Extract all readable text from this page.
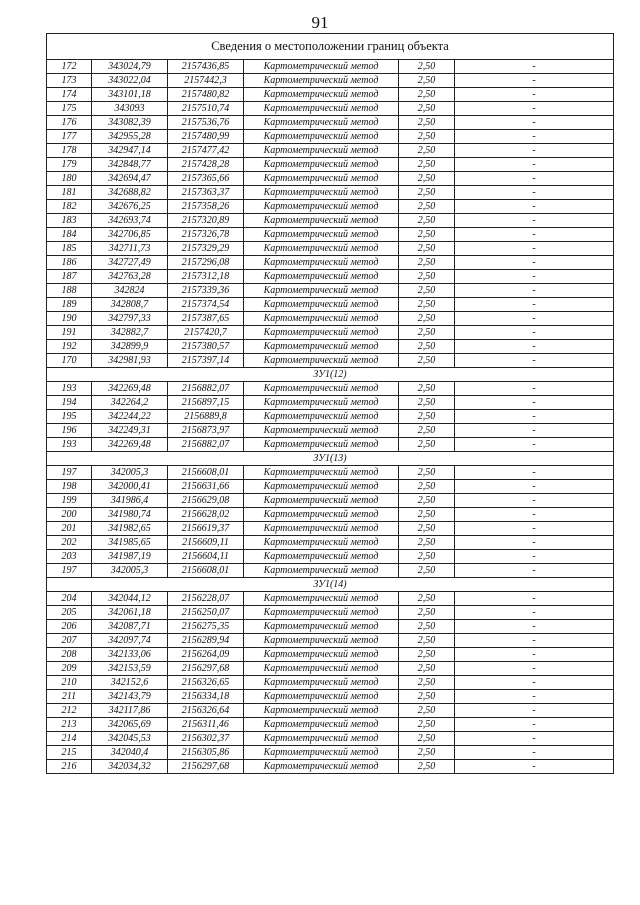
91
Сведения о местоположении границ объекта					
172	343024,79	2157436,85	Картометрический метод	2,50	-
173	343022,04	2157442,3	Картометрический метод	2,50	-
174	343101,18	2157480,82	Картометрический метод	2,50	-
175	343093	2157510,74	Картометрический метод	2,50	-
176	343082,39	2157536,76	Картометрический метод	2,50	-
177	342955,28	2157480,99	Картометрический метод	2,50	-
178	342947,14	2157477,42	Картометрический метод	2,50	-
179	342848,77	2157428,28	Картометрический метод	2,50	-
180	342694,47	2157365,66	Картометрический метод	2,50	-
181	342688,82	2157363,37	Картометрический метод	2,50	-
182	342676,25	2157358,26	Картометрический метод	2,50	-
183	342693,74	2157320,89	Картометрический метод	2,50	-
184	342706,85	2157326,78	Картометрический метод	2,50	-
185	342711,73	2157329,29	Картометрический метод	2,50	-
186	342727,49	2157296,08	Картометрический метод	2,50	-
187	342763,28	2157312,18	Картометрический метод	2,50	-
188	342824	2157339,36	Картометрический метод	2,50	-
189	342808,7	2157374,54	Картометрический метод	2,50	-
190	342797,33	2157387,65	Картометрический метод	2,50	-
191	342882,7	2157420,7	Картометрический метод	2,50	-
192	342899,9	2157380,57	Картометрический метод	2,50	-
170	342981,93	2157397,14	Картометрический метод	2,50	-
ЗУ1(12)					
193	342269,48	2156882,07	Картометрический метод	2,50	-
194	342264,2	2156897,15	Картометрический метод	2,50	-
195	342244,22	2156889,8	Картометрический метод	2,50	-
196	342249,31	2156873,97	Картометрический метод	2,50	-
193	342269,48	2156882,07	Картометрический метод	2,50	-
ЗУ1(13)					
197	342005,3	2156608,01	Картометрический метод	2,50	-
198	342000,41	2156631,66	Картометрический метод	2,50	-
199	341986,4	2156629,08	Картометрический метод	2,50	-
200	341980,74	2156628,02	Картометрический метод	2,50	-
201	341982,65	2156619,37	Картометрический метод	2,50	-
202	341985,65	2156609,11	Картометрический метод	2,50	-
203	341987,19	2156604,11	Картометрический метод	2,50	-
197	342005,3	2156608,01	Картометрический метод	2,50	-
ЗУ1(14)					
204	342044,12	2156228,07	Картометрический метод	2,50	-
205	342061,18	2156250,07	Картометрический метод	2,50	-
206	342087,71	2156275,35	Картометрический метод	2,50	-
207	342097,74	2156289,94	Картометрический метод	2,50	-
208	342133,06	2156264,09	Картометрический метод	2,50	-
209	342153,59	2156297,68	Картометрический метод	2,50	-
210	342152,6	2156326,65	Картометрический метод	2,50	-
211	342143,79	2156334,18	Картометрический метод	2,50	-
212	342117,86	2156326,64	Картометрический метод	2,50	-
213	342065,69	2156311,46	Картометрический метод	2,50	-
214	342045,53	2156302,37	Картометрический метод	2,50	-
215	342040,4	2156305,86	Картометрический метод	2,50	-
216	342034,32	2156297,68	Картометрический метод	2,50	-
